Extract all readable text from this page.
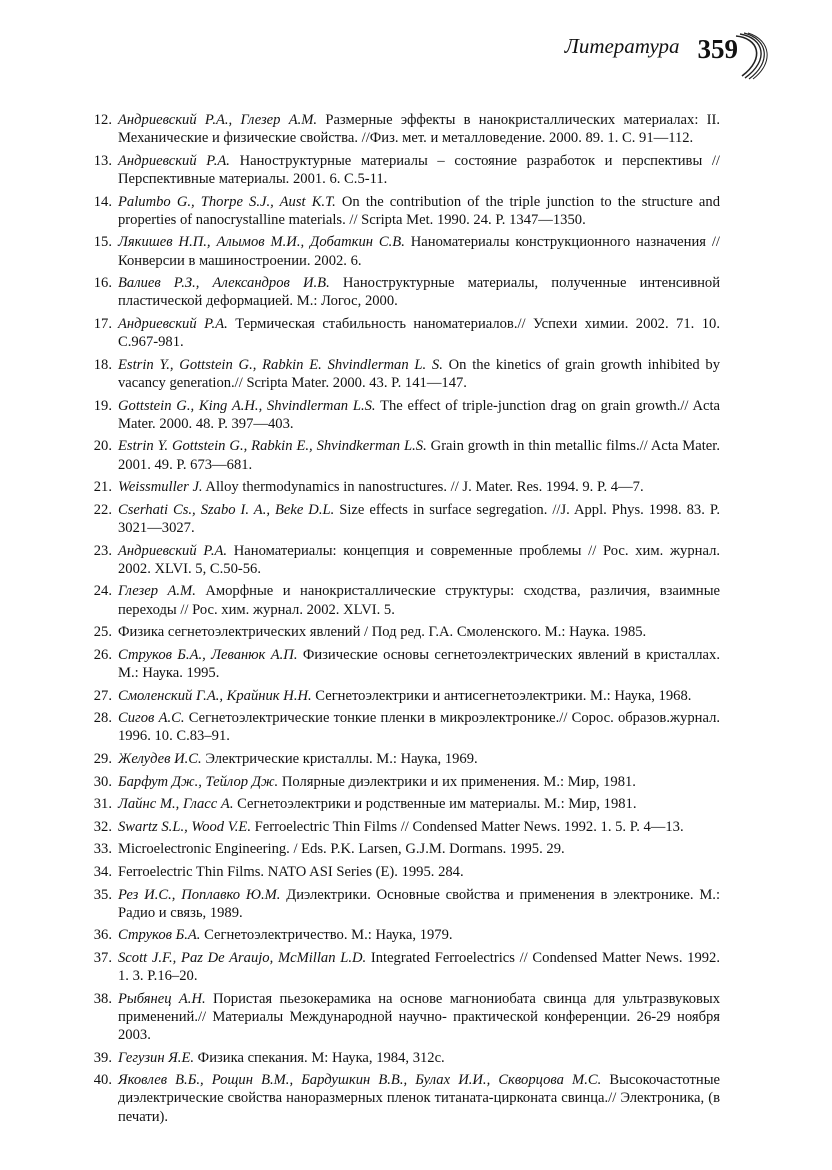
Литература 359
12. Андриевский Р.А., Глезер А.М. Размерные эффекты в нанокристаллических материалах: II. Механические и физические свойства. //Физ. мет. и металловедение. 2000. 89. 1. С. 91—112.
13. Андриевский Р.А. Наноструктурные материалы – состояние разработок и перспективы // Перспективные материалы. 2001. 6. С.5-11.
14. Palumbo G., Thorpe S.J., Aust K.T. On the contribution of the triple junction to the structure and properties of nanocrystalline materials. // Scripta Met. 1990. 24. P. 1347—1350.
15. Лякишев Н.П., Алымов М.И., Добаткин С.В. Наноматериалы конструкционного назначения // Конверсии в машиностроении. 2002. 6.
16. Валиев Р.З., Александров И.В. Наноструктурные материалы, полученные интенсивной пластической деформацией. М.: Логос, 2000.
17. Андриевский Р.А. Термическая стабильность наноматериалов.// Успехи химии. 2002. 71. 10. С.967-981.
18. Estrin Y., Gottstein G., Rabkin E. Shvindlerman L. S. On the kinetics of grain growth inhibited by vacancy generation.// Scripta Mater. 2000. 43. P. 141—147.
19. Gottstein G., King A.H., Shvindlerman L.S. The effect of triple-junction drag on grain growth.// Acta Mater. 2000. 48. P. 397—403.
20. Estrin Y. Gottstein G., Rabkin E., Shvindkerman L.S. Grain growth in thin metallic films.// Acta Mater. 2001. 49. P. 673—681.
21. Weissmuller J. Alloy thermodynamics in nanostructures. // J. Mater. Res. 1994. 9. P. 4—7.
22. Cserhati Cs., Szabo I. A., Beke D.L. Size effects in surface segregation. //J. Appl. Phys. 1998. 83. P. 3021—3027.
23. Андриевский Р.А. Наноматериалы: концепция и современные проблемы // Рос. хим. журнал. 2002. XLVI. 5, С.50-56.
24. Глезер А.М. Аморфные и нанокристаллические структуры: сходства, различия, взаимные переходы // Рос. хим. журнал. 2002. XLVI. 5.
25. Физика сегнетоэлектрических явлений / Под ред. Г.А. Смоленского. М.: Наука. 1985.
26. Струков Б.А., Леванюк А.П. Физические основы сегнетоэлектрических явлений в кристаллах. М.: Наука. 1995.
27. Смоленский Г.А., Крайник Н.Н. Сегнетоэлектрики и антисегнетоэлектрики. М.: Наука, 1968.
28. Сигов А.С. Сегнетоэлектрические тонкие пленки в микроэлектронике.// Сорос. образов.журнал. 1996. 10. С.83–91.
29. Желудев И.С. Электрические кристаллы. М.: Наука, 1969.
30. Барфут Дж., Тейлор Дж. Полярные диэлектрики и их применения. М.: Мир, 1981.
31. Лайнс М., Гласс А. Сегнетоэлектрики и родственные им материалы. М.: Мир, 1981.
32. Swartz S.L., Wood V.E. Ferroelectric Thin Films // Condensed Matter News. 1992. 1. 5. P. 4—13.
33. Microelectronic Engineering. / Eds. P.K. Larsen, G.J.M. Dormans. 1995. 29.
34. Ferroelectric Thin Films. NATO ASI Series (E). 1995. 284.
35. Рез И.С., Поплавко Ю.М. Диэлектрики. Основные свойства и применения в электронике. М.: Радио и связь, 1989.
36. Струков Б.А. Сегнетоэлектричество. М.: Наука, 1979.
37. Scott J.F., Paz De Araujo, McMillan L.D. Integrated Ferroelectrics // Condensed Matter News. 1992. 1. 3. P.16–20.
38. Рыбянец А.Н. Пористая пьезокерамика на основе магнониобата свинца для ультразвуковых применений.// Материалы Международной научно- практической конференции. 26-29 ноября 2003.
39. Гегузин Я.Е. Физика спекания. М: Наука, 1984, 312с.
40. Яковлев В.Б., Рощин В.М., Бардушкин В.В., Булах И.И., Скворцова М.С. Высокочастотные диэлектрические свойства наноразмерных пленок титаната-цирконата свинца.// Электроника, (в печати).
